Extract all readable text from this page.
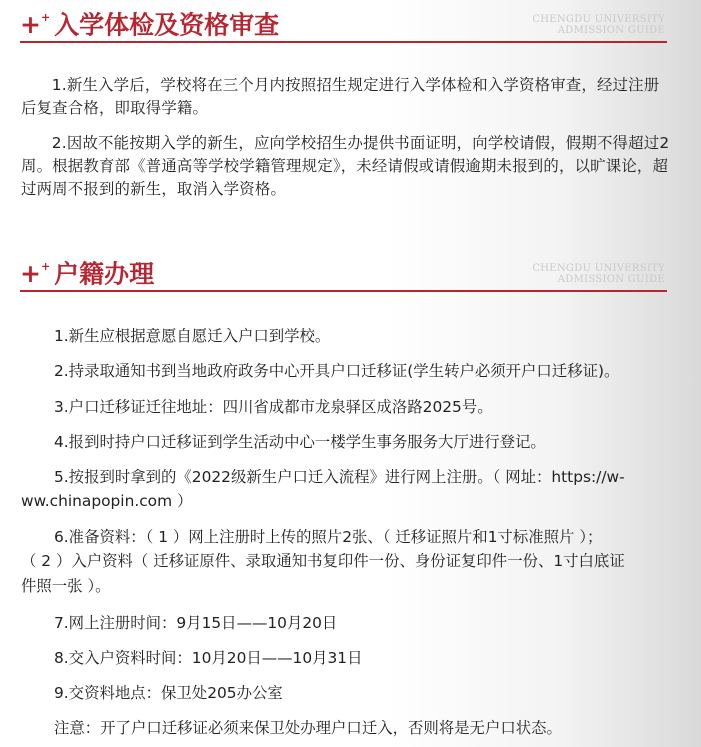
++ 入学体检及资格审查	CHENGDU UNIVERSITY
ADMISSION GUIDE

1.新生入学后，学校将在三个月内按照招生规定进行入学体检和入学资格审查，经过注册后复查合格，即取得学籍。

2.因故不能按期入学的新生，应向学校招生办提供书面证明，向学校请假，假期不得超过2周。根据教育部《普通高等学校学籍管理规定》，未经请假或请假逾期未报到的，以旷课论，超过两周不报到的新生，取消入学资格。

++ 户籍办理	CHENGDU UNIVERSITY
ADMISSION GUIDE
1.新生应根据意愿自愿迁入户口到学校。
2.持录取通知书到当地政府政务中心开具户口迁移证(学生转户必须开户口迁移证)。
3.户口迁移证迁往地址：四川省成都市龙泉驿区成洛路2025号。
4.报到时持户口迁移证到学生活动中心一楼学生事务服务大厅进行登记。
5.按报到时拿到的《2022级新生户口迁入流程》进行网上注册。（ 网址：https://w-
ww.chinapopin.com ）
6.准备资料：（ 1 ）网上注册时上传的照片2张、（ 迁移证照片和1寸标准照片 ）；
（ 2 ）入户资料（ 迁移证原件、录取通知书复印件一份、身份证复印件一份、1寸白底证
件照一张 ）。
7.网上注册时间：9月15日——10月20日
8.交入户资料时间：10月20日——10月31日
9.交资料地点：保卫处205办公室
注意：开了户口迁移证必须来保卫处办理户口迁入，否则将是无户口状态。
